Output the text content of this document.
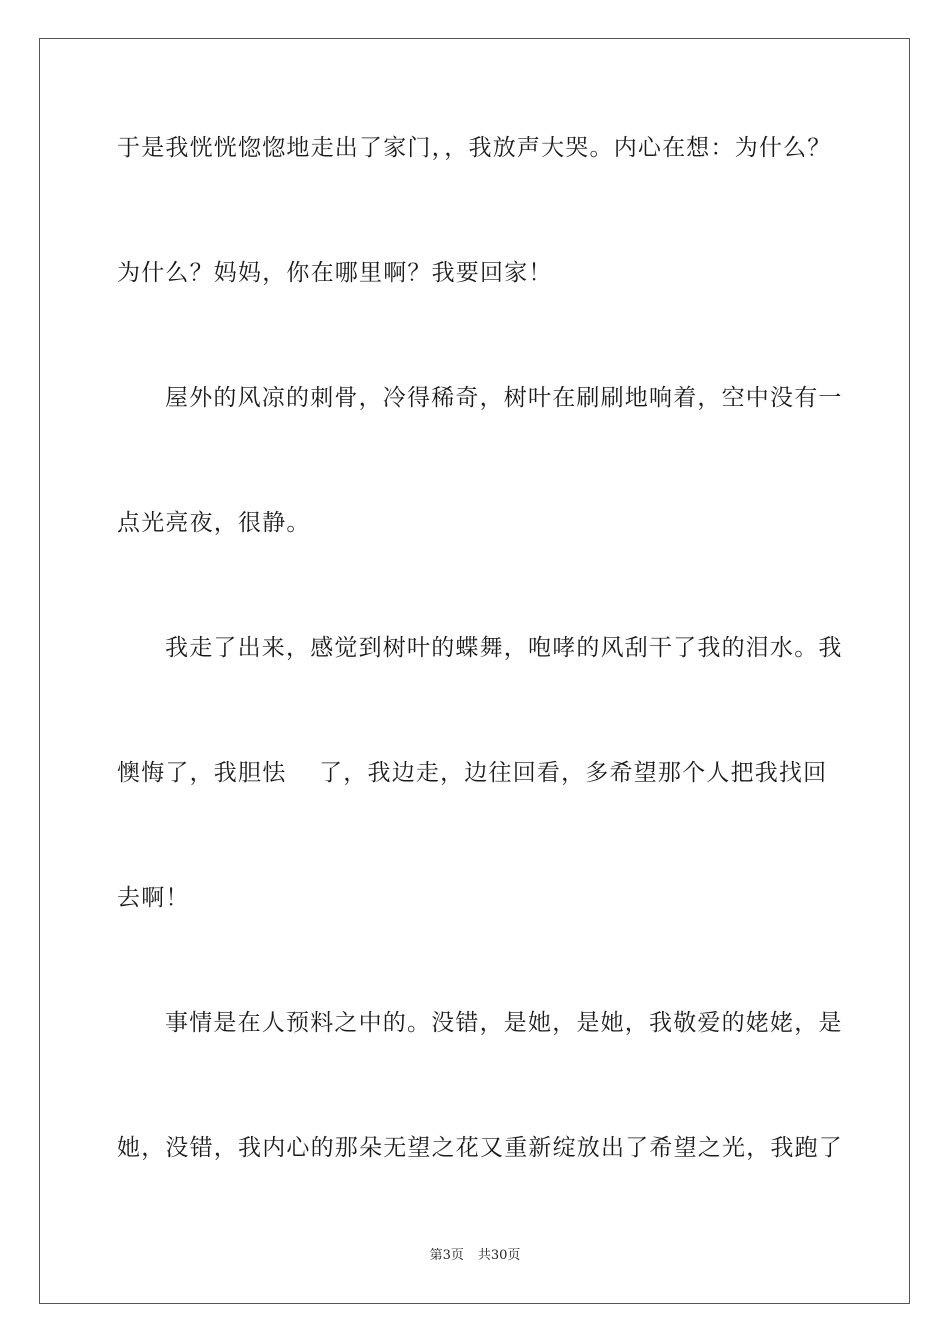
于是我恍恍惚惚地走出了家门，，我放声大哭。内心在想：为什么？
为什么？妈妈，你在哪里啊？我要回家！
屋外的风凉的刺骨，冷得稀奇，树叶在刷刷地响着，空中没有一
点光亮夜，很静。
我走了出来，感觉到树叶的蝶舞，咆哮的风刮干了我的泪水。我
懊悔了，我胆怯　 了，我边走，边往回看，多希望那个人把我找回
去啊！
事情是在人预料之中的。没错，是她，是她，我敬爱的姥姥，是
她，没错，我内心的那朵无望之花又重新绽放出了希望之光，我跑了
第3页 共30页
